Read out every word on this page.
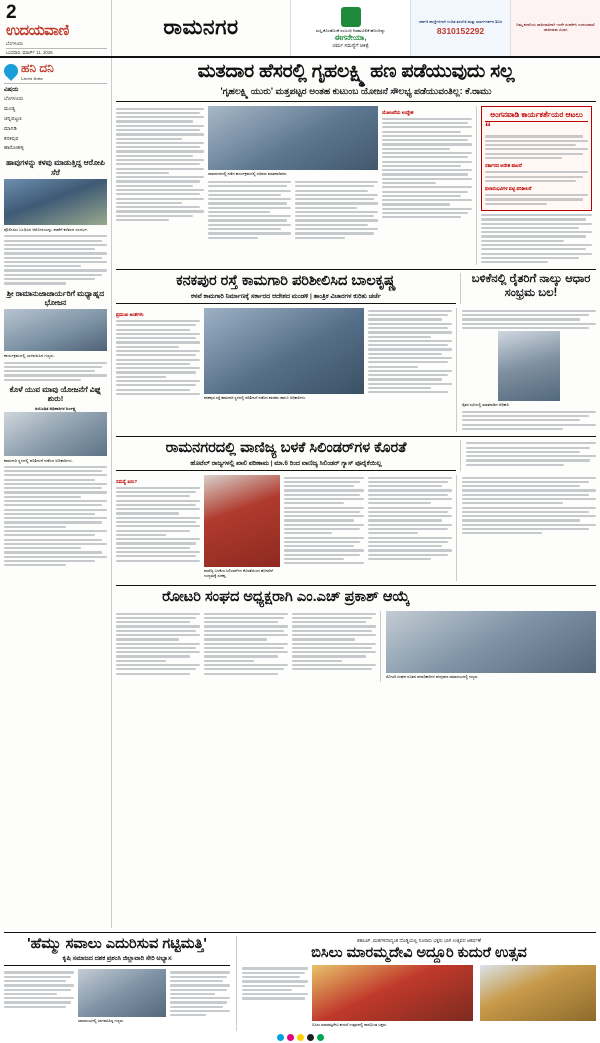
2
ಉದಯವಾಣಿ
ಬೆಂಗಳೂರು
ಬುಧವಾರ, ಮಾರ್ಚ್ 11, 2026
ರಾಮನಗರ	ಸುಸ್ತಿ,ಕೊಂಡೊಂಕೆ ಸಂಬಂಧಿ ಗಿಡಮೂಲಿಕೆ ಹೊಂದಿದ್ದು
ಈಗನೇಯಾ,
ಚರ್ಮ ಸಮಸ್ಯೆಗೆ ಚಿಕಿತ್ಸೆ
ಸರ್ಕಾರಿ ಹುದ್ದೆಗಳಿಗಾಗಿ ಉಚಿತ ತರಬೇತಿ ಮತ್ತು ಮಾರ್ಗದರ್ಶನ ಶಿಬಿರ
8310152292
ನಿಮ್ಮ ಕಂಪನಿಯ ಜಾಹೀರಾತಿಗಾಗಿ ಇಂದೇ ಸಂಪರ್ಕಿಸಿ ಉದಯವಾಣಿ ಜಾಹೀರಾತು ವಿಭಾಗ
ಹನಿ ದನಿ
ಓದುಗರ ಅಂಕಣ
ವಿಷಯ
ಬೆಂಗಳೂರು
ಮಂಡ್ಯ
ಚನ್ನಪಟ್ಟಣ
ಮಾಗಡಿ
ಕನಕಪುರ
ಹಾರೋಹಳ್ಳಿ
ಹಾವುಗಳನ್ನು ಕಳವು ಮಾಡುತ್ತಿದ್ದ ಆರೋಪಿ ಸೆರೆ
ಪೊಲೀಸರು ಬಂಧಿಸಿದ ಆರೋಪಿಯನ್ನು ಠಾಣೆಗೆ ಕರೆತಂದ ಸಂದರ್ಭ.
ಶ್ರೀ ರಾಮಾನುಜಾಚಾರ್ಯರಿಗೆ ಮಧ್ಯಾಹ್ನದ ಭೋಜನ
ಕಾರ್ಯಕ್ರಮದಲ್ಲಿ ಭಾಗವಹಿಸಿದ ಗಣ್ಯರು.
ಕೊಳೆ ಯುವ ಮಾವು ಯೋಜನೆಗೆ ವಿಘ್ನ ಶುರು!
ಸಂಬಂಧಿತ ಅಧಿಕಾರಿಗಳ ನಿರ್ಲಕ್ಷ್ಯ
ಕಾಮಗಾರಿ ಸ್ಥಳದಲ್ಲಿ ಪರಿಶೀಲನೆ ನಡೆಸಿದ ಅಧಿಕಾರಿಗಳು.
ಮತದಾರ ಹೆಸರಲ್ಲಿ ಗೃಹಲಕ್ಷ್ಮಿ ಹಣ ಪಡೆಯುವುದು ಸಲ್ಲ
'ಗೃಹಲಕ್ಷ್ಮಿ ಯುರು' ಮತ್ತಪಟ್ಟರ ಅಂತಹ ಕುಟುಂಬ ಯೋಜನೆ ಸೌಲಭ್ಯ ಪಡೆಯುವಂತಿಲ್ಲ: ಕೆ.ರಾಮು
ರಾಮನಗರದಲ್ಲಿ ನಡೆದ ಕಾರ್ಯಕ್ರಮದಲ್ಲಿ ಸಚಿವರು ಮಾತನಾಡಿದರು.
ಯೋಜನೆಯ ಉದ್ದೇಶ	ಅಂಗನವಾಡಿ ಕಾರ್ಯಕರ್ತೆಯರ ಆಟಲು
“
ಸರ್ಕಾರದ ಆದೇಶ ಪಾಲನೆ
ಫಲಾನುಭವಿಗಳ ಪಟ್ಟಿ ಪರಿಶೀಲನೆ
ಕನಕಪುರ ರಸ್ತೆ ಕಾಮಗಾರಿ ಪರಿಶೀಲಿಸಿದ ಬಾಲಕೃಷ್ಣ
ಕಳಪೆ ಕಾಮಗಾರಿ ನಿರ್ಮಾಣಕ್ಕೆ ಸರ್ಕಾರದ ಆದೇಶದ ಮಂಡಳಿ | ತಾಂತ್ರಿಕ ವಿಚಾರಗಳ ಕುರಿತು ಚರ್ಚೆ
ಬಳಿಕೆನಲ್ಲಿ ರೈತರಿಗೆ ನಾಲ್ಕು ಆಧಾರ ಸಂಭ್ರಮ ಬಲ!
ಪ್ರಮುಖ ಅಂಶಗಳು
ಕನಕಪುರ ರಸ್ತೆ ಕಾಮಗಾರಿ ಸ್ಥಳದಲ್ಲಿ ಪರಿಶೀಲನೆ ನಡೆಸಿದ ಶಾಸಕರು ಹಾಗೂ ಅಧಿಕಾರಿಗಳು.
ರೈತರ ಸಭೆಯಲ್ಲಿ ಮಾತನಾಡಿದ ಅಧಿಕಾರಿ.
ರಾಮನಗರದಲ್ಲಿ ವಾಣಿಜ್ಯ ಬಳಕೆ ಸಿಲಿಂಡರ್‌ಗಳ ಕೊರತೆ
ಹೊಟೆಲ್ ರಾಜ್ಯಗಳಲ್ಲಿ ಖಾಲಿ ಪರಿಣಾಮ | ಮಾ.6 ರಿಂದ ವಾಣಿಜ್ಯ ಸಿಲಿಂಡರ್ ಗ್ಯಾಸ್ ಪೂರೈಕೆಯಿಲ್ಲ
ಸಮಸ್ಯೆ ಏನು?
ವಾಣಿಜ್ಯ ಬಳಕೆಯ ಸಿಲಿಂಡರ್‌ಗಳ ಕೊರತೆಯಿಂದ ಹೋಟೆಲ್ ಉದ್ಯಮಕ್ಕೆ ಸಂಕಷ್ಟ.
ರೋಟರಿ ಸಂಘದ ಅಧ್ಯಕ್ಷರಾಗಿ ಎಂ.ಎಚ್ ಪ್ರಕಾಶ್ ಆಯ್ಕೆ
ರೋಟರಿ ಸಂಘದ ನೂತನ ಪದಾಧಿಕಾರಿಗಳ ಪದಗ್ರಹಣ ಸಮಾರಂಭದಲ್ಲಿ ಗಣ್ಯರು.
'ಹೆಮ್ಮು ಸವಾಲು ಎದುರಿಸುವ ಗಟ್ಟಿಮತ್ತಿ'
ಕೃಷಿ ಸಮಾಜದ ದಶಕ ಪ್ರಶಂಸಿ ಜಿಲ್ಲಾವಾರಿ ಸೇರಿ ಅಭ್ಯಾಸ
ಸಮಾರಂಭದಲ್ಲಿ ಭಾಗವಹಿಸಿದ್ದ ಗಣ್ಯರು.
ಶಹಬಜ್, ಮಹಗಳಿದಾದ್ಯಂತ ದೊಡ್ಡಿಯಲ್ಲಿ ನೂರಾರು ಭಕ್ತರು ಭಾಗಿ ಉತ್ಸವದ ಆಕರ್ಷಣೆ
ಬಿಸಿಲು ಮಾರಮ್ಮದೇವಿ ಅದ್ದೂರಿ ಕುದುರೆ ಉತ್ಸವ
ಬಿಸಿಲು ಮಾರಮ್ಮದೇವಿ ಕುದುರೆ ಉತ್ಸವದಲ್ಲಿ ಪಾಲ್ಗೊಂಡ ಭಕ್ತರು.
